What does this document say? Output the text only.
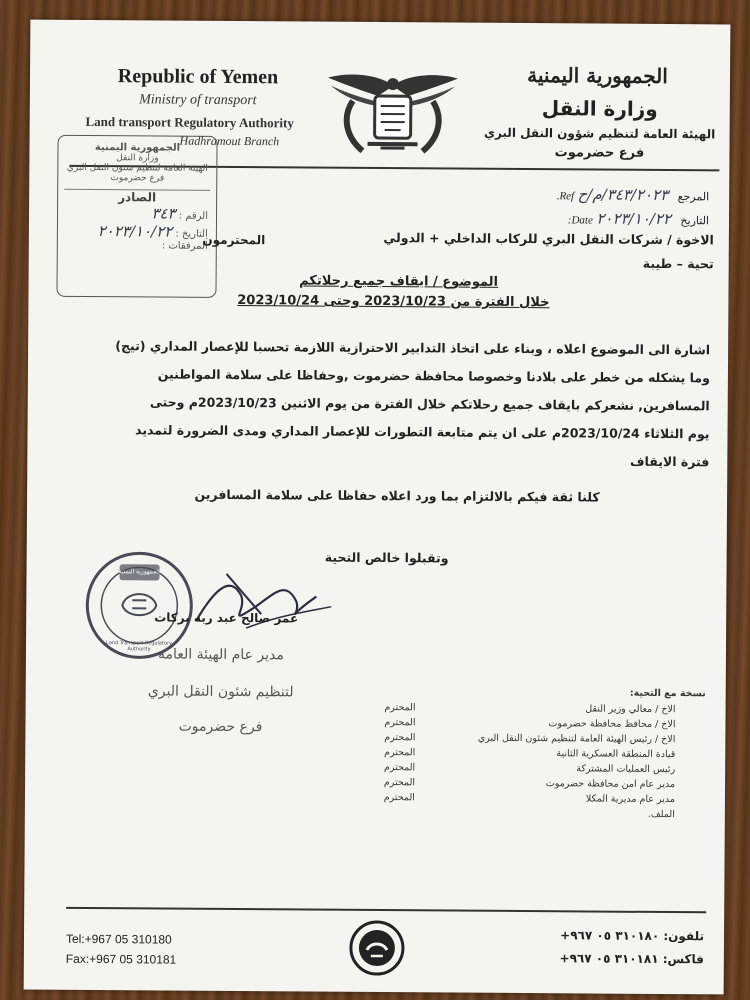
Republic of Yemen
Ministry of transport
Land transport Regulatory Authority
Hadhramout Branch
الجمهورية اليمنية
وزارة النقل
الهيئة العامة لتنظيم شؤون النقل البري
فرع حضرموت
الجمهورية اليمنية
وزارة النقل
الهيئة العامة لتنظيم شئون النقل البري
فرع حضرموت
الصادر
الرقم : ٣٤٣
التاريخ : ٢٠٢٣/١٠/٢٢
المرفقات :
المرجع ٣٤٣/٢٠٢٣/م/ح Ref.
التاريخ ٢٠٢٣/١٠/٢٢ Date:
الاخوة / شركات النقل البري للركاب الداخلي + الدولي
المحترمون
تحية – طيبة
الموضوع / ايقاف جميع رحلاتكم
خلال الفترة من 2023/10/23 وحتى 2023/10/24
اشارة الى الموضوع اعلاه ، وبناء على اتخاذ التدابير الاحترازية اللازمة تحسبا للإعصار المداري (تيج)
وما يشكله من خطر على بلادنا وخصوصا محافظة حضرموت ,وحفاظا على سلامة المواطنين
المسافرين, نشعركم بايقاف جميع رحلاتكم خلال الفترة من يوم الاثنين 2023/10/23م وحتى
يوم الثلاثاء 2023/10/24م على ان يتم متابعة التطورات للإعصار المداري ومدى الضرورة لتمديد
فترة الايقاف
كلنا ثقة فيكم بالالتزام بما ورد اعلاه حفاظا على سلامة المسافرين
وتقبلوا خالص التحية
الجمهورية اليمنية
Land Transport Regulatory Authority
عمر صالح عبد ربه بركات
مدير عام الهيئة العامة
لتنظيم شئون النقل البري
فرع حضرموت
نسخة مع التحية:
الاخ / معالي وزير النقل
المحترم
الاخ / محافظ محافظة حضرموت
المحترم
الاخ / رئيس الهيئة العامة لتنظيم شئون النقل البري
المحترم
قيادة المنطقة العسكرية الثانية
المحترم
رئيس العمليات المشتركة
المحترم
مدير عام امن محافظة حضرموت
المحترم
مدير عام مديرية المكلا
المحترم
الملف.
Tel:+967 05 310180
Fax:+967 05 310181
تلفون: ٣١٠١٨٠ ٠٥ ٩٦٧+
فاكس: ٣١٠١٨١ ٠٥ ٩٦٧+
